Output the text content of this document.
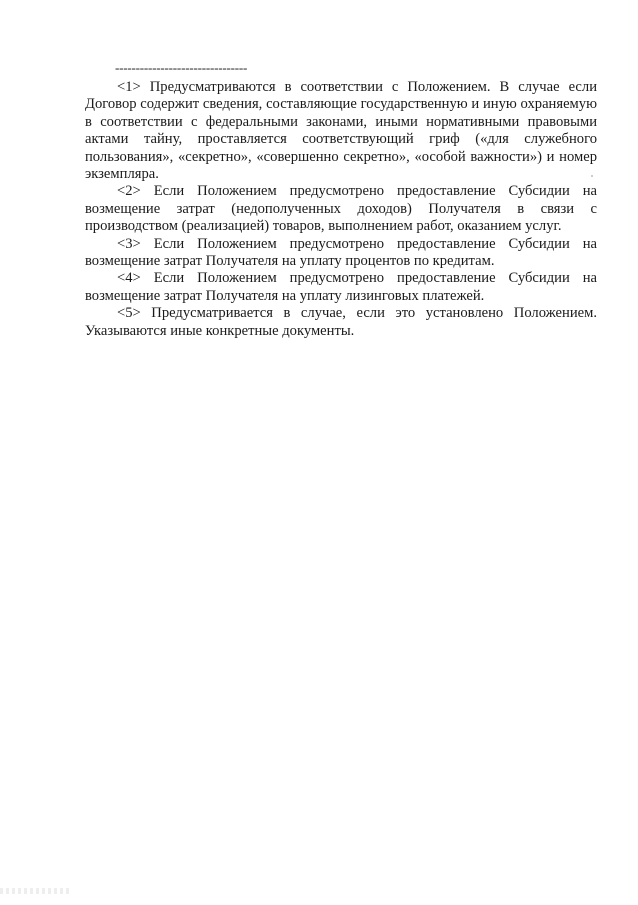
--------------------------------

<1> Предусматриваются в соответствии с Положением. В случае если Договор содержит сведения, составляющие государственную и иную охраняемую в соответствии с федеральными законами, иными нормативными правовыми актами тайну, проставляется соответствующий гриф («для служебного пользования», «секретно», «совершенно секретно», «особой важности») и номер экземпляра.

<2> Если Положением предусмотрено предоставление Субсидии на возмещение затрат (недополученных доходов) Получателя в связи с производством (реализацией) товаров, выполнением работ, оказанием услуг.

<3> Если Положением предусмотрено предоставление Субсидии на возмещение затрат Получателя на уплату процентов по кредитам.

<4> Если Положением предусмотрено предоставление Субсидии на возмещение затрат Получателя на уплату лизинговых платежей.

<5> Предусматривается в случае, если это установлено Положением. Указываются иные конкретные документы.
